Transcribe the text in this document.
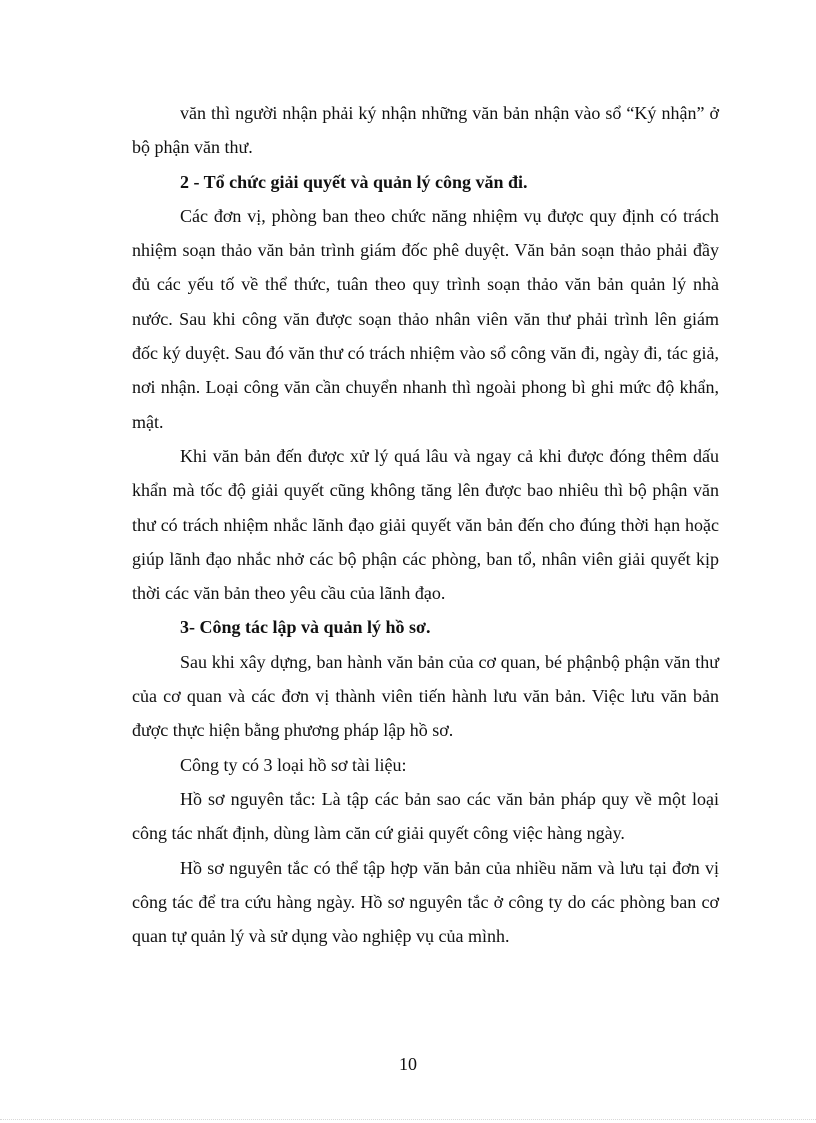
văn thì người nhận phải ký nhận những văn bản nhận vào sổ “Ký nhận” ở bộ phận văn thư.

2 - Tổ chức giải quyết và quản lý công văn đi.

Các đơn vị, phòng ban theo chức năng nhiệm vụ được quy định có trách nhiệm soạn thảo văn bản trình giám đốc phê duyệt. Văn bản soạn thảo phải đầy đủ các yếu tố về thể thức, tuân theo quy trình soạn thảo văn bản quản lý nhà nước. Sau khi công văn được soạn thảo nhân viên văn thư phải trình lên giám đốc ký duyệt. Sau đó văn thư có trách nhiệm vào sổ công văn đi, ngày đi, tác giả, nơi nhận. Loại công văn cần chuyển nhanh thì ngoài phong bì ghi mức độ khẩn, mật.

Khi văn bản đến được xử lý quá lâu và ngay cả khi được đóng thêm dấu khẩn mà tốc độ giải quyết cũng không tăng lên được bao nhiêu thì bộ phận văn thư có trách nhiệm nhắc lãnh đạo giải quyết văn bản đến cho đúng thời hạn hoặc giúp lãnh đạo nhắc nhở các bộ phận các phòng, ban tổ, nhân viên giải quyết kịp thời các văn bản theo yêu cầu của lãnh đạo.

3- Công tác lập và quản lý hồ sơ.

Sau khi xây dựng, ban hành văn bản của cơ quan, bé phậnbộ phận văn thư của cơ quan và các đơn vị thành viên tiến hành lưu văn bản. Việc lưu văn bản được thực hiện bằng phương pháp lập hồ sơ.

Công ty có 3 loại hồ sơ tài liệu:

Hồ sơ nguyên tắc: Là tập các bản sao các văn bản pháp quy về một loại công tác nhất định, dùng làm căn cứ giải quyết công việc hàng ngày.

Hồ sơ nguyên tắc có thể tập hợp văn bản của nhiều năm và lưu tại đơn vị công tác để tra cứu hàng ngày. Hồ sơ nguyên tắc ở công ty do các phòng ban cơ quan tự quản lý và sử dụng vào nghiệp vụ của mình.

10
